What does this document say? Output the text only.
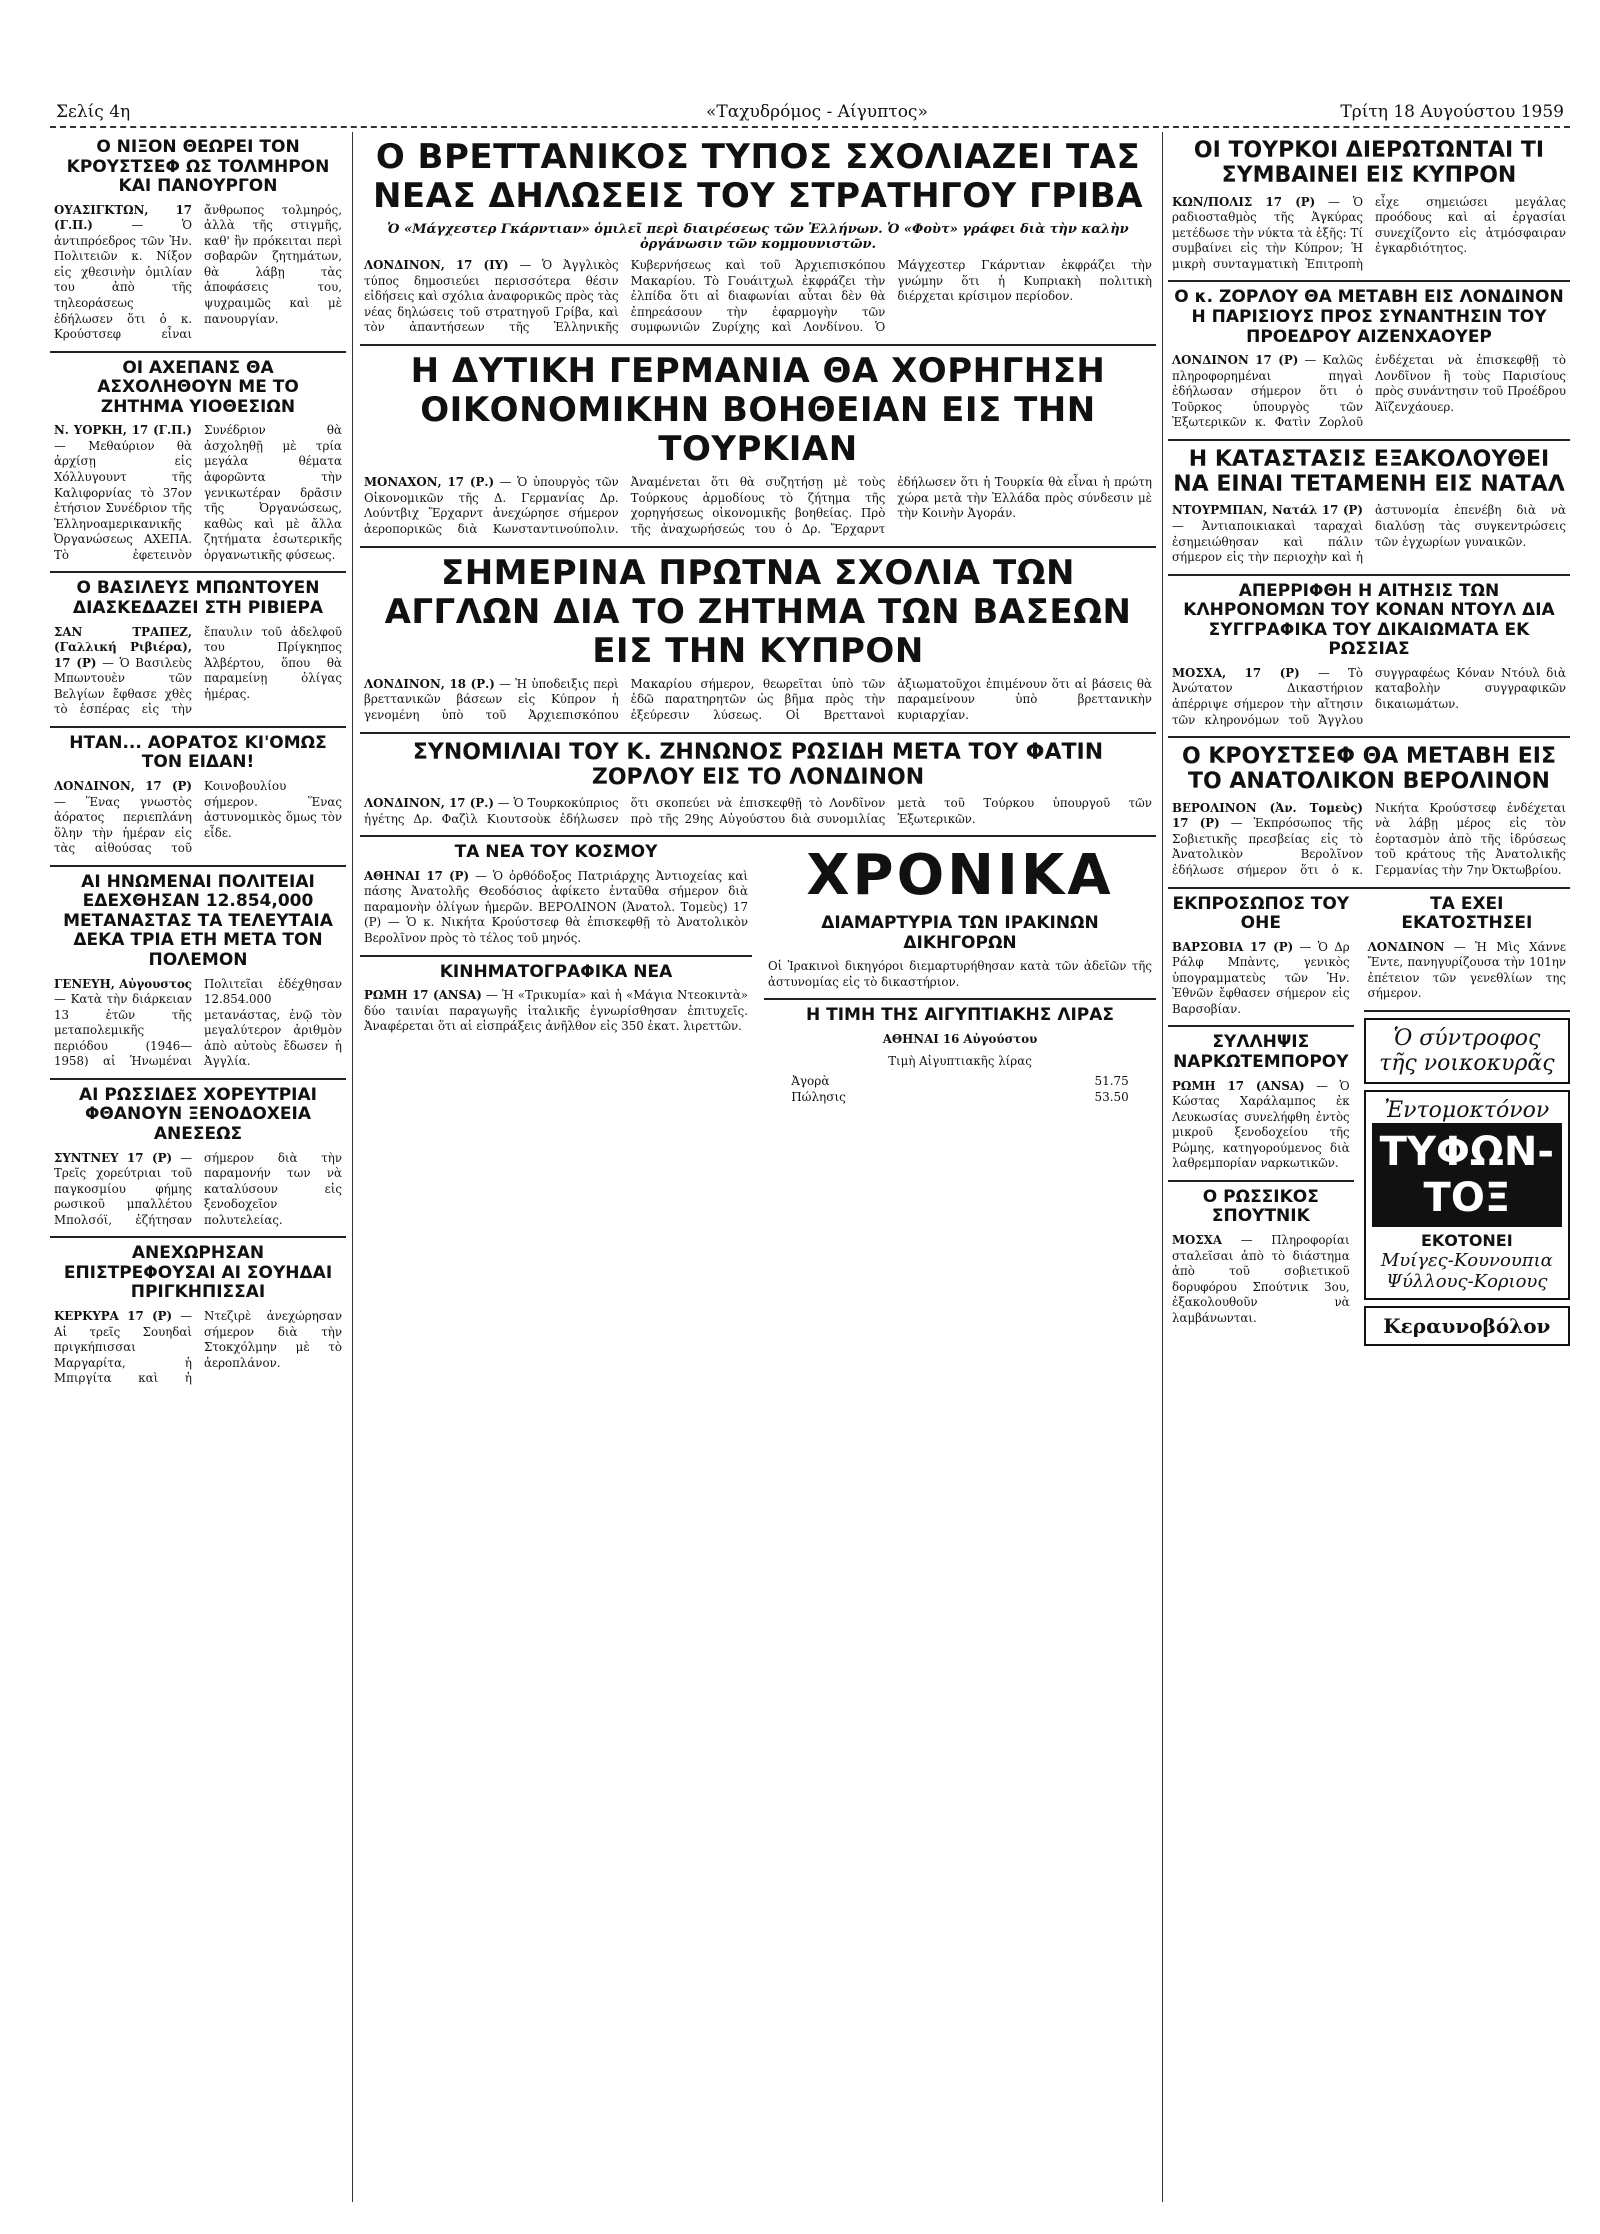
Σελίς 4η	«Ταχυδρόμος - Αίγυπτος»	Τρίτη 18 Αυγούστου 1959
Ο ΝΙΞΟΝ ΘΕΩΡΕΙ ΤΟΝ ΚΡΟΥΣΤΣΕΦ ΩΣ ΤΟΛΜΗΡΟΝ ΚΑΙ ΠΑΝΟΥΡΓΟΝ

ΟΥΑΣΙΓΚΤΩΝ, 17 (Γ.Π.) — Ὁ ἀντιπρόεδρος τῶν Ἡν. Πολιτειῶν κ. Νίξον εἰς χθεσινὴν ὁμιλίαν του ἀπὸ τῆς τηλεοράσεως ἐδήλωσεν ὅτι ὁ κ. Κρούστσεφ εἶναι ἄνθρωπος τολμηρός, ἀλλὰ τῆς στιγμῆς, καθ' ἣν πρόκειται περὶ σοβαρῶν ζητημάτων, θὰ λάβῃ τὰς ἀποφάσεις του, ψυχραιμῶς καὶ μὲ πανουργίαν.

ΟΙ ΑΧΕΠΑΝΣ ΘΑ ΑΣΧΟΛΗΘΟΥΝ ΜΕ ΤΟ ΖΗΤΗΜΑ ΥΙΟΘΕΣΙΩΝ

Ν. ΥΟΡΚΗ, 17 (Γ.Π.) — Μεθαύριον θὰ ἀρχίσῃ εἰς Χόλλυγουντ τῆς Καλιφορνίας τὸ 37ον ἐτήσιον Συνέδριον τῆς Ἑλληνοαμερικανικῆς Ὀργανώσεως ΑΧΕΠΑ. Τὸ ἐφετεινὸν Συνέδριον θὰ ἀσχοληθῇ μὲ τρία μεγάλα θέματα ἀφορῶντα τὴν γενικωτέραν δρᾶσιν τῆς Ὀργανώσεως, καθὼς καὶ μὲ ἄλλα ζητήματα ἐσωτερικῆς ὀργανωτικῆς φύσεως.

Ο ΒΑΣΙΛΕΥΣ ΜΠΩΝΤΟΥΕΝ ΔΙΑΣΚΕΔΑΖΕΙ ΣΤΗ ΡΙΒΙΕΡΑ

ΣΑΝ ΤΡΑΠΕΖ, (Γαλλική Ριβιέρα), 17 (Ρ) — Ὁ Βασιλεὺς Μπωντουὲν τῶν Βελγίων ἔφθασε χθὲς τὸ ἑσπέρας εἰς τὴν ἔπαυλιν τοῦ ἀδελφοῦ του Πρίγκηπος Ἀλβέρτου, ὅπου θὰ παραμείνῃ ὀλίγας ἡμέρας.

ΗΤΑΝ... ΑΟΡΑΤΟΣ ΚΙ'ΟΜΩΣ ΤΟΝ ΕΙΔΑΝ!

ΛΟΝΔΙΝΟΝ, 17 (Ρ) — Ἕνας γνωστὸς ἀόρατος περιεπλάνη ὅλην τὴν ἡμέραν εἰς τὰς αἰθούσας τοῦ Κοινοβουλίου σήμερον. Ἕνας ἀστυνομικὸς ὅμως τὸν εἶδε.

ΑΙ ΗΝΩΜΕΝΑΙ ΠΟΛΙΤΕΙΑΙ ΕΔΕΧΘΗΣΑΝ 12.854,000 ΜΕΤΑΝΑΣΤΑΣ ΤΑ ΤΕΛΕΥΤΑΙΑ ΔΕΚΑ ΤΡΙΑ ΕΤΗ ΜΕΤΑ ΤΟΝ ΠΟΛΕΜΟΝ

ΓΕΝΕΥΗ, Αὐγουστος — Κατὰ τὴν διάρκειαν 13 ἐτῶν τῆς μεταπολεμικῆς περιόδου (1946—1958) αἱ Ἡνωμέναι Πολιτεῖαι ἐδέχθησαν 12.854.000 μετανάστας, ἐνῷ τὸν μεγαλύτερον ἀριθμὸν ἀπὸ αὐτοὺς ἔδωσεν ἡ Ἀγγλία.

ΑΙ ΡΩΣΣΙΔΕΣ ΧΟΡΕΥΤΡΙΑΙ ΦΘΑΝΟΥΝ ΞΕΝΟΔΟΧΕΙΑ ΑΝΕΣΕΩΣ

ΣΥΝΤΝΕΥ 17 (Ρ) — Τρεῖς χορεύτριαι τοῦ παγκοσμίου φήμης ρωσικοῦ μπαλλέτου Μπολσόϊ, ἐζήτησαν σήμερον διὰ τὴν παραμονήν των νὰ καταλύσουν εἰς ξενοδοχεῖον πολυτελείας.

ΑΝΕΧΩΡΗΣΑΝ ΕΠΙΣΤΡΕΦΟΥΣΑΙ ΑΙ ΣΟΥΗΔΑΙ ΠΡΙΓΚΗΠΙΣΣΑΙ

ΚΕΡΚΥΡΑ 17 (Ρ) — Αἱ τρεῖς Σουηδαὶ πριγκήπισσαι Μαργαρίτα, ἡ Μπιργίτα καὶ ἡ Ντεζιρὲ ἀνεχώρησαν σήμερον διὰ τὴν Στοκχόλμην μὲ τὸ ἀεροπλάνον.

Ο ΒΡΕΤΤΑΝΙΚΟΣ ΤΥΠΟΣ ΣΧΟΛΙΑΖΕΙ ΤΑΣ ΝΕΑΣ ΔΗΛΩΣΕΙΣ ΤΟΥ ΣΤΡΑΤΗΓΟΥ ΓΡΙΒΑ
Ὁ «Μάγχεστερ Γκάρντιαν» ὁμιλεῖ περὶ διαιρέσεως τῶν Ἑλλήνων. Ὁ «Φοὺτ» γράφει διὰ τὴν καλὴν ὀργάνωσιν τῶν κομμουνιστῶν.

ΛΟΝΔΙΝΟΝ, 17 (ΙΥ) — Ὁ Ἀγγλικὸς τύπος δημοσιεύει περισσότερα θέσιν εἰδήσεις καὶ σχόλια ἀναφορικῶς πρὸς τὰς νέας δηλώσεις τοῦ στρατηγοῦ Γρίβα, καὶ τὸν ἀπαντήσεων τῆς Ἑλληνικῆς Κυβερνήσεως καὶ τοῦ Ἀρχιεπισκόπου Μακαρίου. Τὸ Γουάιτχωλ ἐκφράζει τὴν ἐλπίδα ὅτι αἱ διαφωνίαι αὗται δὲν θὰ ἐπηρεάσουν τὴν ἐφαρμογὴν τῶν συμφωνιῶν Ζυρίχης καὶ Λονδίνου. Ὁ Μάγχεστερ Γκάρντιαν ἐκφράζει τὴν γνώμην ὅτι ἡ Κυπριακὴ πολιτικὴ διέρχεται κρίσιμον περίοδον.

Η ΔΥΤΙΚΗ ΓΕΡΜΑΝΙΑ ΘΑ ΧΟΡΗΓΗΣΗ ΟΙΚΟΝΟΜΙΚΗΝ ΒΟΗΘΕΙΑΝ ΕΙΣ ΤΗΝ ΤΟΥΡΚΙΑΝ

ΜΟΝΑΧΟΝ, 17 (Ρ.) — Ὁ ὑπουργὸς τῶν Οἰκονομικῶν τῆς Δ. Γερμανίας Δρ. Λούντβιχ Ἔρχαρντ ἀνεχώρησε σήμερον ἀεροπορικῶς διὰ Κωνσταντινούπολιν. Ἀναμένεται ὅτι θὰ συζητήσῃ μὲ τοὺς Τούρκους ἁρμοδίους τὸ ζήτημα τῆς χορηγήσεως οἰκονομικῆς βοηθείας. Πρὸ τῆς ἀναχωρήσεώς του ὁ Δρ. Ἔρχαρντ ἐδήλωσεν ὅτι ἡ Τουρκία θὰ εἶναι ἡ πρώτη χώρα μετὰ τὴν Ἑλλάδα πρὸς σύνδεσιν μὲ τὴν Κοινὴν Ἀγοράν.

ΣΗΜΕΡΙΝΑ ΠΡΩΤΝΑ ΣΧΟΛΙΑ ΤΩΝ ΑΓΓΛΩΝ ΔΙΑ ΤΟ ΖΗΤΗΜΑ ΤΩΝ ΒΑΣΕΩΝ ΕΙΣ ΤΗΝ ΚΥΠΡΟΝ

ΛΟΝΔΙΝΟΝ, 18 (Ρ.) — Ἡ ὑποδειξις περὶ βρεττανικῶν βάσεων εἰς Κύπρον ἡ γενομένη ὑπὸ τοῦ Ἀρχιεπισκόπου Μακαρίου σήμερον, θεωρεῖται ὑπὸ τῶν ἐδῶ παρατηρητῶν ὡς βῆμα πρὸς τὴν ἐξεύρεσιν λύσεως. Οἱ Βρεττανοὶ ἀξιωματοῦχοι ἐπιμένουν ὅτι αἱ βάσεις θὰ παραμείνουν ὑπὸ βρεττανικὴν κυριαρχίαν.

ΣΥΝΟΜΙΛΙΑΙ ΤΟΥ Κ. ΖΗΝΩΝΟΣ ΡΩΣΙΔΗ ΜΕΤΑ ΤΟΥ ΦΑΤΙΝ ΖΟΡΛΟΥ ΕΙΣ ΤΟ ΛΟΝΔΙΝΟΝ

ΛΟΝΔΙΝΟΝ, 17 (Ρ.) — Ὁ Τουρκοκύπριος ἡγέτης Δρ. Φαζὶλ Κιουτσοὺκ ἐδήλωσεν ὅτι σκοπεύει νὰ ἐπισκεφθῇ τὸ Λονδῖνον πρὸ τῆς 29ης Αὐγούστου διὰ συνομιλίας μετὰ τοῦ Τούρκου ὑπουργοῦ τῶν Ἐξωτερικῶν.

ΤΑ ΝΕΑ ΤΟΥ ΚΟΣΜΟΥ

ΑΘΗΝΑΙ 17 (Ρ) — Ὁ ὀρθόδοξος Πατριάρχης Ἀντιοχείας καὶ πάσης Ἀνατολῆς Θεοδόσιος ἀφίκετο ἐνταῦθα σήμερον διὰ παραμονὴν ὀλίγων ἡμερῶν. ΒΕΡΟΛΙΝΟΝ (Ἀνατολ. Τομεὺς) 17 (Ρ) — Ὁ κ. Νικήτα Κρούστσεφ θὰ ἐπισκεφθῇ τὸ Ἀνατολικὸν Βερολῖνον πρὸς τὸ τέλος τοῦ μηνός.

ΚΙΝΗΜΑΤΟΓΡΑΦΙΚΑ ΝΕΑ

ΡΩΜΗ 17 (ANSA) — Ἡ «Τρικυμία» καὶ ἡ «Μάγια Ντεοκιντὰ» δύο ταινίαι παραγωγῆς ἰταλικῆς ἐγνωρίσθησαν ἐπιτυχεῖς. Ἀναφέρεται ὅτι αἱ εἰσπράξεις ἀνῆλθον εἰς 350 ἑκατ. λιρεττῶν.

ΧΡΟΝΙΚΑ
ΔΙΑΜΑΡΤΥΡΙΑ ΤΩΝ ΙΡΑΚΙΝΩΝ ΔΙΚΗΓΟΡΩΝ

Οἱ Ἰρακινοὶ δικηγόροι διεμαρτυρήθησαν κατὰ τῶν ἀδεῖῶν τῆς ἀστυνομίας εἰς τὸ δικαστήριον.

Η ΤΙΜΗ ΤΗΣ ΑΙΓΥΠΤΙΑΚΗΣ ΛΙΡΑΣ

ΑΘΗΝΑΙ 16 Αὐγούστου

Τιμὴ Αἰγυπτιακῆς λίρας

Ἀγορὰ	51.75
Πώλησις	53.50
ΟΙ ΤΟΥΡΚΟΙ ΔΙΕΡΩΤΩΝΤΑΙ ΤΙ ΣΥΜΒΑΙΝΕΙ ΕΙΣ ΚΥΠΡΟΝ

ΚΩΝ/ΠΟΛΙΣ 17 (Ρ) — Ὁ ραδιοσταθμὸς τῆς Ἀγκύρας μετέδωσε τὴν νύκτα τὰ ἑξῆς: Τί συμβαίνει εἰς τὴν Κύπρον; Ἡ μικρὴ συνταγματικὴ Ἐπιτροπὴ εἶχε σημειώσει μεγάλας προόδους καὶ αἱ ἐργασίαι συνεχίζοντο εἰς ἀτμόσφαιραν ἐγκαρδιότητος.

Ο κ. ΖΟΡΛΟΥ ΘΑ ΜΕΤΑΒΗ ΕΙΣ ΛΟΝΔΙΝΟΝ Η ΠΑΡΙΣΙΟΥΣ ΠΡΟΣ ΣΥΝΑΝΤΗΣΙΝ ΤΟΥ ΠΡΟΕΔΡΟΥ ΑΙΖΕΝΧΑΟΥΕΡ

ΛΟΝΔΙΝΟΝ 17 (Ρ) — Καλῶς πληροφορημέναι πηγαὶ ἐδήλωσαν σήμερον ὅτι ὁ Τοῦρκος ὑπουργὸς τῶν Ἐξωτερικῶν κ. Φατὶν Ζορλοῦ ἐνδέχεται νὰ ἐπισκεφθῇ τὸ Λονδῖνον ἢ τοὺς Παρισίους πρὸς συνάντησιν τοῦ Προέδρου Ἀϊζενχάουερ.

Η ΚΑΤΑΣΤΑΣΙΣ ΕΞΑΚΟΛΟΥΘΕΙ ΝΑ ΕΙΝΑΙ ΤΕΤΑΜΕΝΗ ΕΙΣ ΝΑΤΑΛ

ΝΤΟΥΡΜΠΑΝ, Νατάλ 17 (Ρ) — Ἀντιαποικιακαὶ ταραχαὶ ἐσημειώθησαν καὶ πάλιν σήμερον εἰς τὴν περιοχὴν καὶ ἡ ἀστυνομία ἐπενέβη διὰ νὰ διαλύσῃ τὰς συγκεντρώσεις τῶν ἐγχωρίων γυναικῶν.

ΑΠΕΡΡΙΦΘΗ Η ΑΙΤΗΣΙΣ ΤΩΝ ΚΛΗΡΟΝΟΜΩΝ ΤΟΥ ΚΟΝΑΝ ΝΤΟΥΛ ΔΙΑ ΣΥΓΓΡΑΦΙΚΑ ΤΟΥ ΔΙΚΑΙΩΜΑΤΑ ΕΚ ΡΩΣΣΙΑΣ

ΜΟΣΧΑ, 17 (Ρ) — Τὸ Ἀνώτατον Δικαστήριον ἀπέρριψε σήμερον τὴν αἴτησιν τῶν κληρονόμων τοῦ Ἄγγλου συγγραφέως Κόναν Ντόυλ διὰ καταβολὴν συγγραφικῶν δικαιωμάτων.

Ο ΚΡΟΥΣΤΣΕΦ ΘΑ ΜΕΤΑΒΗ ΕΙΣ ΤΟ ΑΝΑΤΟΛΙΚΟΝ ΒΕΡΟΛΙΝΟΝ

ΒΕΡΟΛΙΝΟΝ (Ἀν. Τομεὺς) 17 (Ρ) — Ἐκπρόσωπος τῆς Σοβιετικῆς πρεσβείας εἰς τὸ Ἀνατολικὸν Βερολῖνον ἐδήλωσε σήμερον ὅτι ὁ κ. Νικήτα Κρούστσεφ ἐνδέχεται νὰ λάβῃ μέρος εἰς τὸν ἑορτασμὸν ἀπὸ τῆς ἱδρύσεως τοῦ κράτους τῆς Ἀνατολικῆς Γερμανίας τὴν 7ην Ὀκτωβρίου.

ΕΚΠΡΟΣΩΠΟΣ ΤΟΥ ΟΗΕ

ΒΑΡΣΟΒΙΑ 17 (Ρ) — Ὁ Δρ Ράλφ Μπὰντς, γενικὸς ὑπογραμματεὺς τῶν Ἡν. Ἐθνῶν ἔφθασεν σήμερον εἰς Βαρσοβίαν.

ΣΥΛΛΗΨΙΣ ΝΑΡΚΩΤΕΜΠΟΡΟΥ

ΡΩΜΗ 17 (ANSA) — Ὁ Κώστας Χαράλαμπος ἐκ Λευκωσίας συνελήφθη ἐντὸς μικροῦ ξενοδοχείου τῆς Ρώμης, κατηγορούμενος διὰ λαθρεμπορίαν ναρκωτικῶν.

Ο ΡΩΣΣΙΚΟΣ ΣΠΟΥΤΝΙΚ

ΜΟΣΧΑ — Πληροφορίαι σταλεῖσαι ἀπὸ τὸ διάστημα ἀπὸ τοῦ σοβιετικοῦ δορυφόρου Σπούτνικ 3ου, ἐξακολουθοῦν νὰ λαμβάνωνται.

ΤΑ ΕΧΕΙ ΕΚΑΤΟΣΤΗΣΕΙ

ΛΟΝΔΙΝΟΝ — Ἡ Μὶς Χάννε Ἔντε, πανηγυρίζουσα τὴν 101ην ἐπέτειον τῶν γενεθλίων της σήμερον.

Ὁ σύντροφος τῆς νοικοκυρᾶς
Ἐντομοκτόνον
ΤΥΦΩΝ-ΤΟΞ
ΕΚΟΤΟΝΕΙ
Μυίγες-Κουνουπια Ψύλλους-Κοριους
Κεραυνοβόλον
